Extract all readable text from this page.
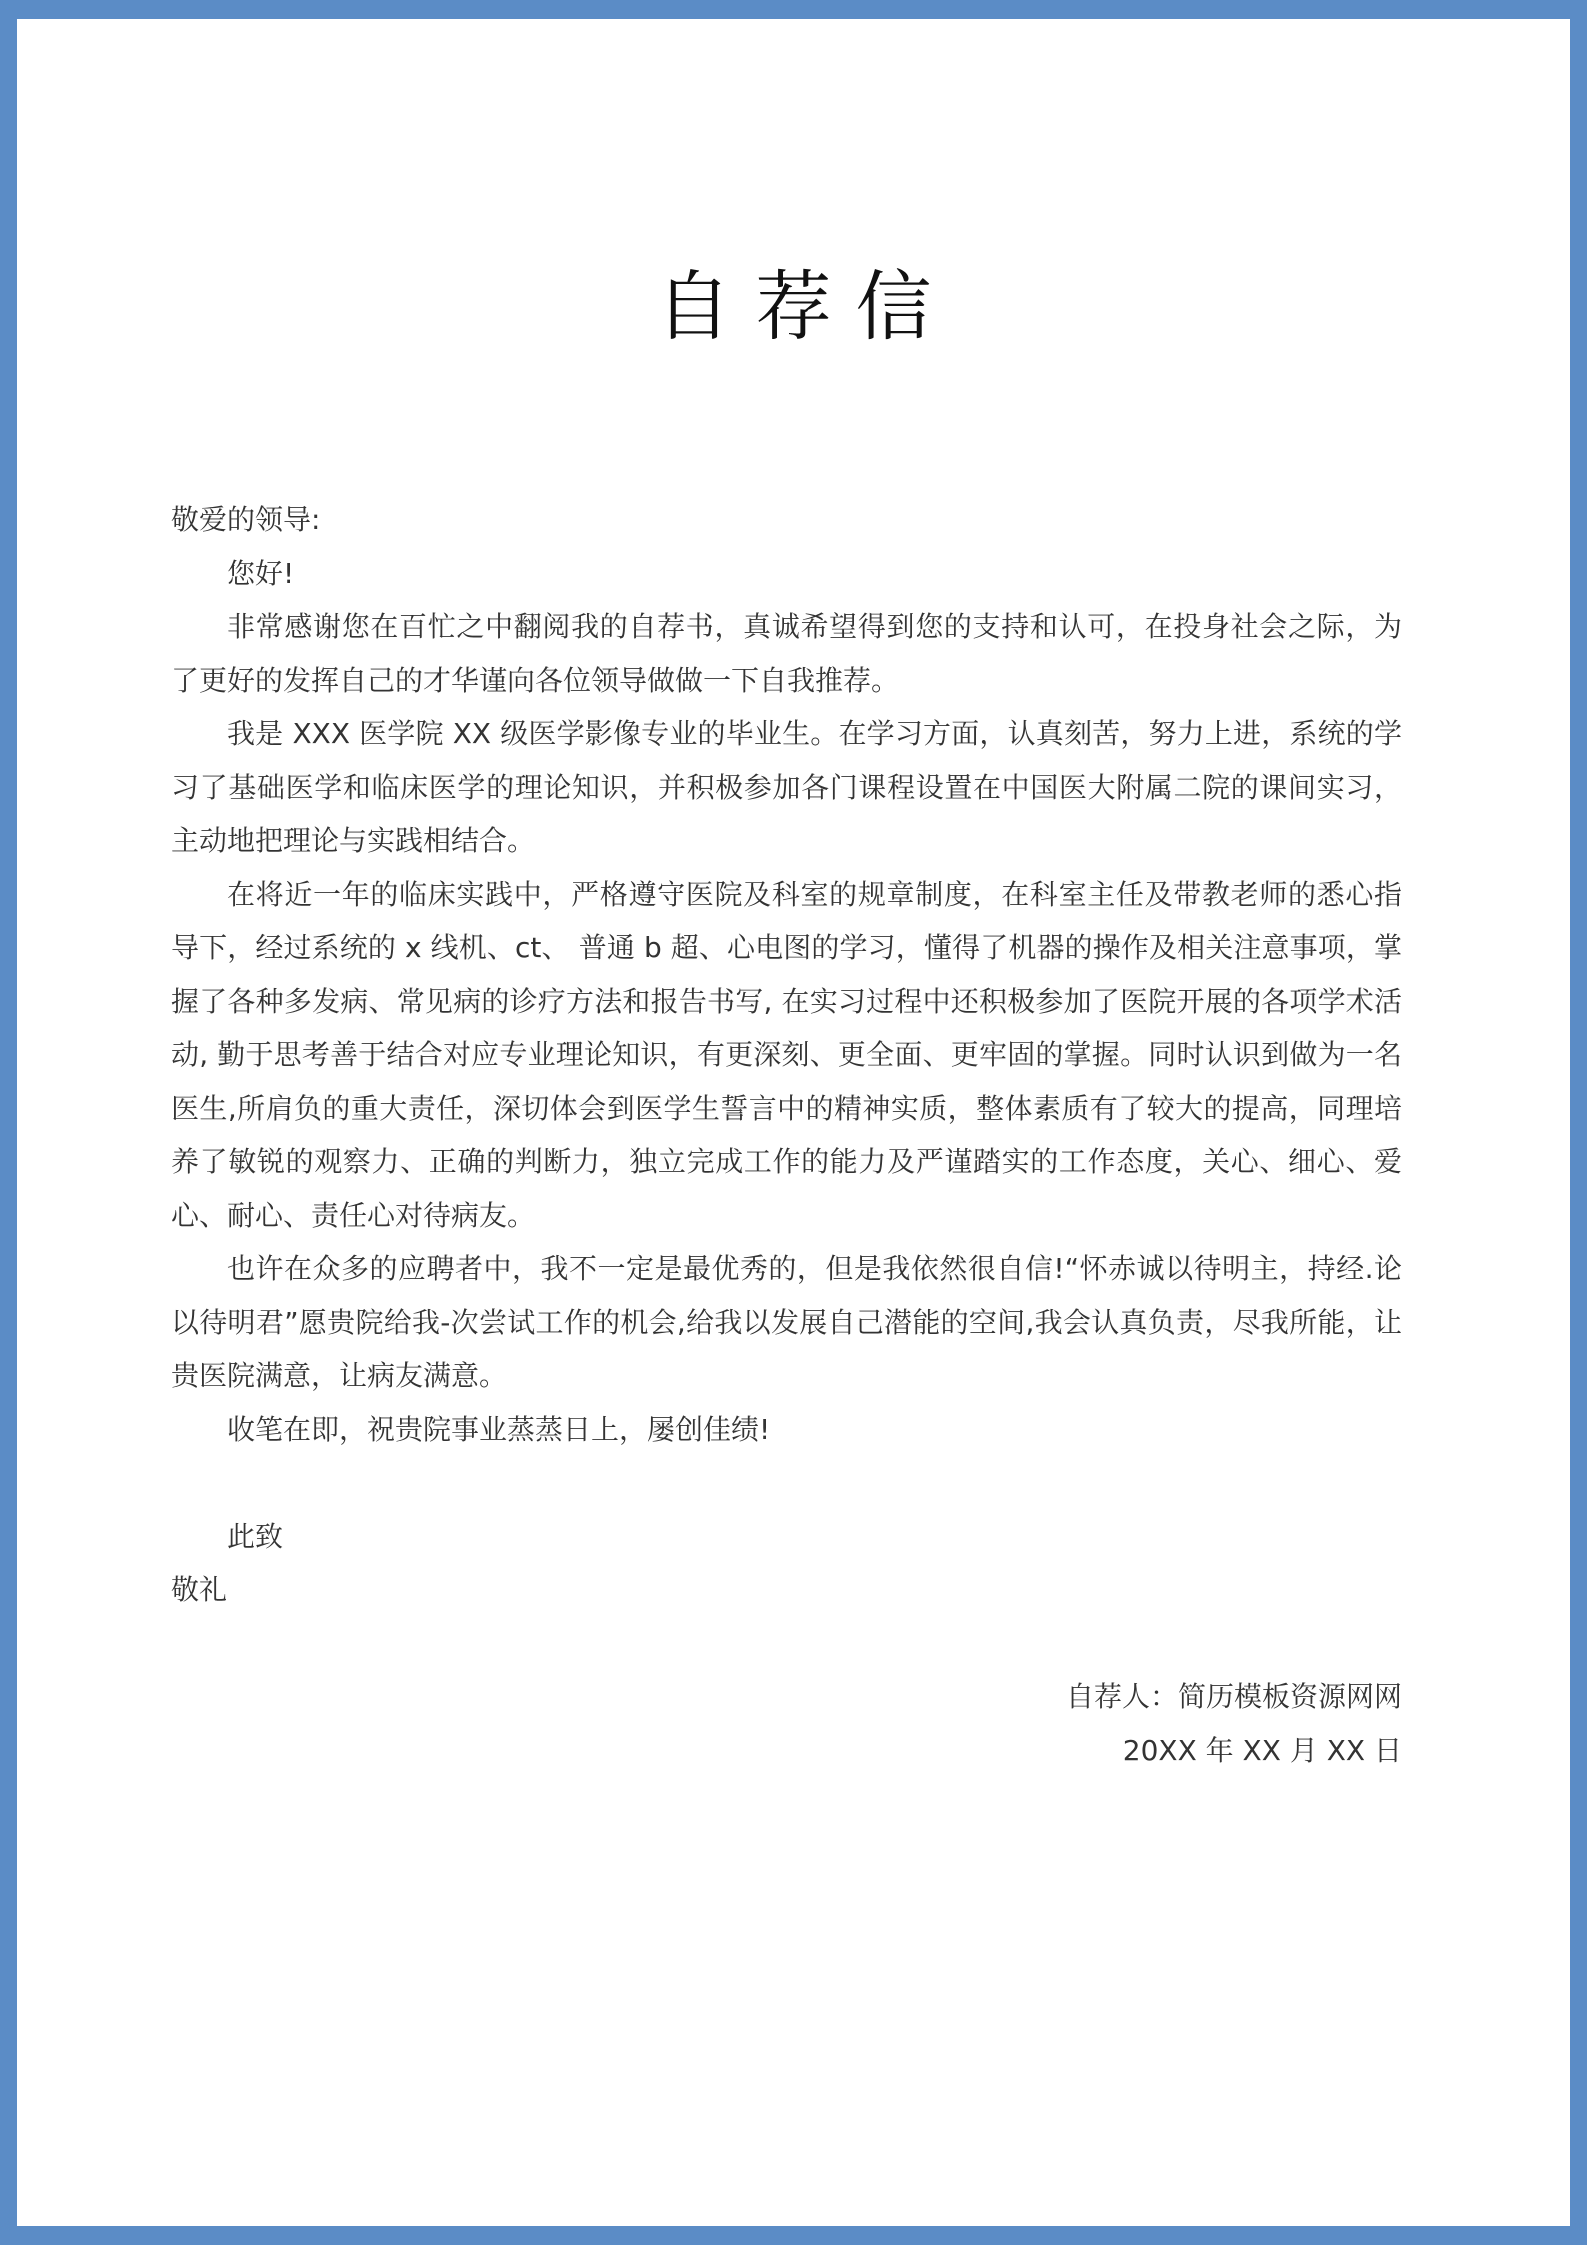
自荐信

敬爱的领导:

您好!

非常感谢您在百忙之中翻阅我的自荐书，真诚希望得到您的支持和认可，在投身社会之际，为了更好的发挥自己的才华谨向各位领导做做一下自我推荐。

我是 XXX 医学院 XX 级医学影像专业的毕业生。在学习方面，认真刻苦，努力上进，系统的学习了基础医学和临床医学的理论知识，并积极参加各门课程设置在中国医大附属二院的课间实习，主动地把理论与实践相结合。

在将近一年的临床实践中，严格遵守医院及科室的规章制度，在科室主任及带教老师的悉心指导下，经过系统的 x 线机、ct、 普通 b 超、心电图的学习，懂得了机器的操作及相关注意事项，掌握了各种多发病、常见病的诊疗方法和报告书写, 在实习过程中还积极参加了医院开展的各项学术活动, 勤于思考善于结合对应专业理论知识，有更深刻、更全面、更牢固的掌握。同时认识到做为一名医生,所肩负的重大责任，深切体会到医学生誓言中的精神实质，整体素质有了较大的提高，同理培养了敏锐的观察力、正确的判断力，独立完成工作的能力及严谨踏实的工作态度，关心、细心、爱心、耐心、责任心对待病友。

也许在众多的应聘者中，我不一定是最优秀的，但是我依然很自信!“怀赤诚以待明主，持经.论以待明君”愿贵院给我-次尝试工作的机会,给我以发展自己潜能的空间,我会认真负责，尽我所能，让贵医院满意，让病友满意。

收笔在即，祝贵院事业蒸蒸日上，屡创佳绩!

此致

敬礼

自荐人：简历模板资源网网

20XX 年 XX 月 XX 日
